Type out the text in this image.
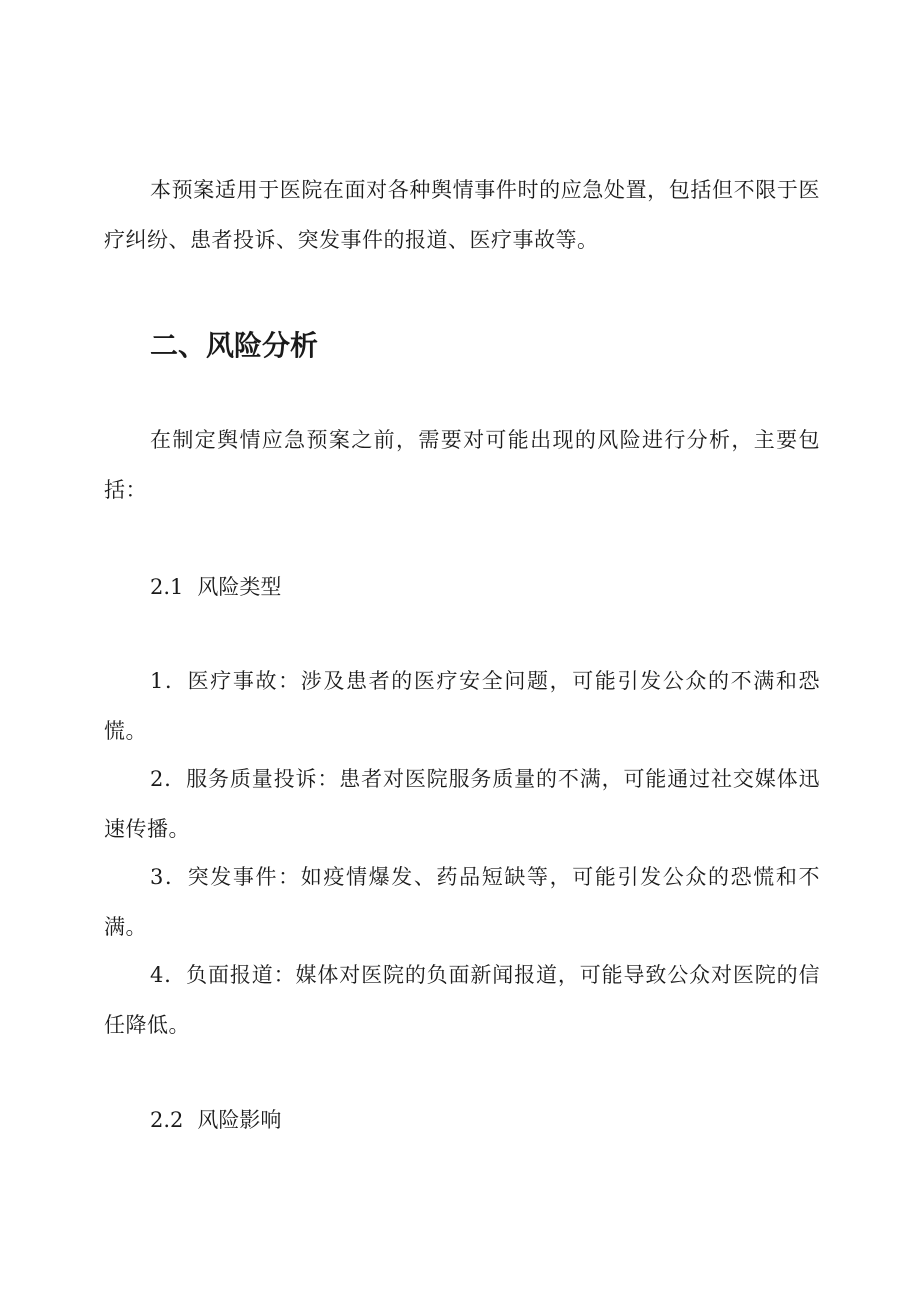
本预案适用于医院在面对各种舆情事件时的应急处置，包括但不限于医疗纠纷、患者投诉、突发事件的报道、医疗事故等。

二、风险分析

在制定舆情应急预案之前，需要对可能出现的风险进行分析，主要包括：

2.1 风险类型

1．医疗事故：涉及患者的医疗安全问题，可能引发公众的不满和恐慌。

2．服务质量投诉：患者对医院服务质量的不满，可能通过社交媒体迅速传播。

3．突发事件：如疫情爆发、药品短缺等，可能引发公众的恐慌和不满。

4．负面报道：媒体对医院的负面新闻报道，可能导致公众对医院的信任降低。

2.2 风险影响
